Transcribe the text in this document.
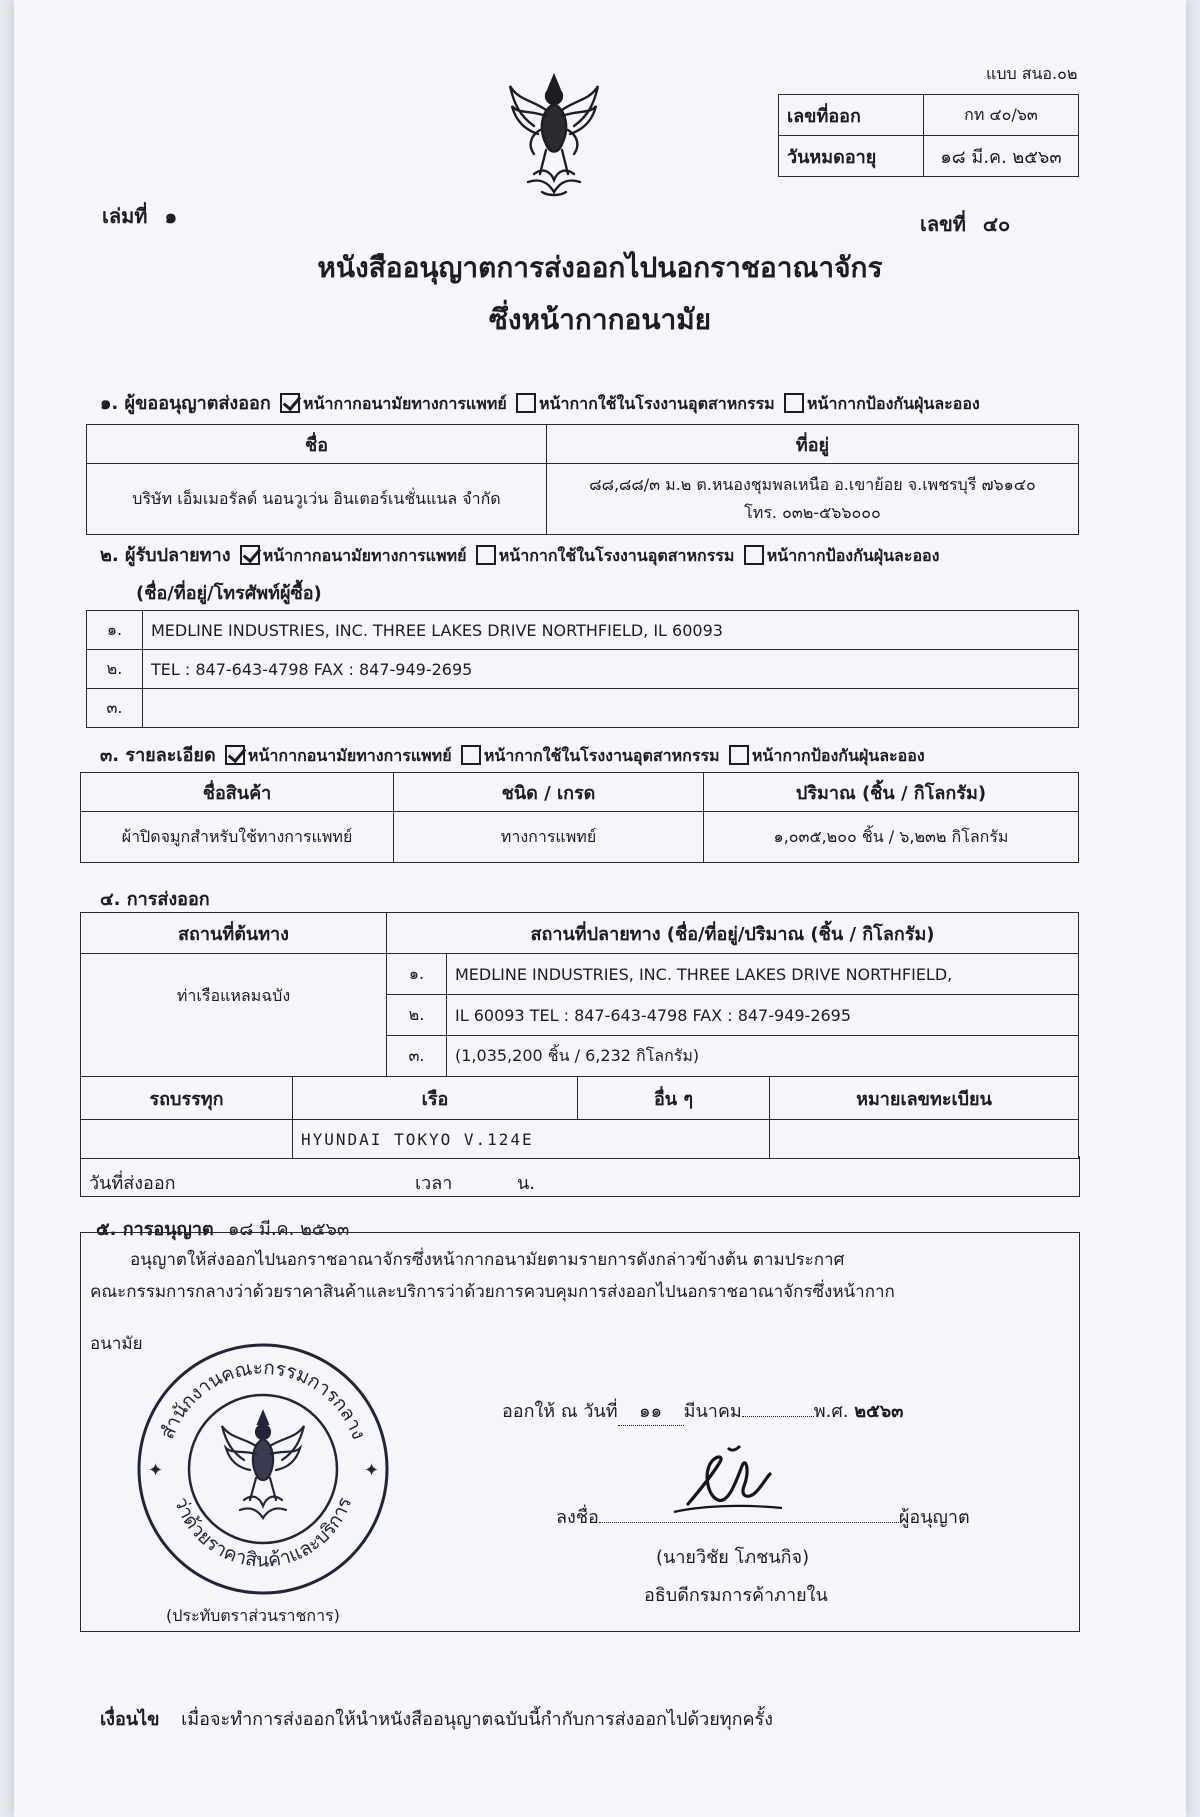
แบบ สนอ.๐๒
เลขที่ออก	กท ๔๐/๖๓
วันหมดอายุ	๑๘ มี.ค. ๒๕๖๓
เล่มที่ ๑	เลขที่ ๔๐
หนังสืออนุญาตการส่งออกไปนอกราชอาณาจักร
ซึ่งหน้ากากอนามัย
๑. ผู้ขออนุญาตส่งออก หน้ากากอนามัยทางการแพทย์ หน้ากากใช้ในโรงงานอุตสาหกรรม หน้ากากป้องกันฝุ่นละออง
ชื่อ	ที่อยู่
บริษัท เอ็มเมอรัลด์ นอนวูเว่น อินเตอร์เนชั่นแนล จำกัด	๘๘,๘๘/๓ ม.๒ ต.หนองชุมพลเหนือ อ.เขาย้อย จ.เพชรบุรี ๗๖๑๔๐
โทร. ๐๓๒-๕๖๖๐๐๐
๒. ผู้รับปลายทาง หน้ากากอนามัยทางการแพทย์ หน้ากากใช้ในโรงงานอุตสาหกรรม หน้ากากป้องกันฝุ่นละออง
(ชื่อ/ที่อยู่/โทรศัพท์ผู้ซื้อ)
๑.	MEDLINE INDUSTRIES, INC. THREE LAKES DRIVE NORTHFIELD, IL 60093
๒.	TEL : 847-643-4798 FAX : 847-949-2695
๓.	
๓. รายละเอียด หน้ากากอนามัยทางการแพทย์ หน้ากากใช้ในโรงงานอุตสาหกรรม หน้ากากป้องกันฝุ่นละออง
ชื่อสินค้า	ชนิด / เกรด	ปริมาณ (ชิ้น / กิโลกรัม)
ผ้าปิดจมูกสำหรับใช้ทางการแพทย์	ทางการแพทย์	๑,๐๓๕,๒๐๐ ชิ้น / ๖,๒๓๒ กิโลกรัม
๔. การส่งออก
สถานที่ต้นทาง	สถานที่ปลายทาง (ชื่อ/ที่อยู่/ปริมาณ (ชิ้น / กิโลกรัม)	
ท่าเรือแหลมฉบัง	๑.	MEDLINE INDUSTRIES, INC. THREE LAKES DRIVE NORTHFIELD,
	๒.	IL 60093 TEL : 847-643-4798 FAX : 847-949-2695
	๓.	(1,035,200 ชิ้น / 6,232 กิโลกรัม)
รถบรรทุก	เรือ	อื่น ๆ	หมายเลขทะเบียน
	HYUNDAI TOKYO V.124E		
วันที่ส่งออก	เวลา	น.
๕. การอนุญาต ๑๘ มี.ค. ๒๕๖๓
อนุญาตให้ส่งออกไปนอกราชอาณาจักรซึ่งหน้ากากอนามัยตามรายการดังกล่าวข้างต้น ตามประกาศ
คณะกรรมการกลางว่าด้วยราคาสินค้าและบริการว่าด้วยการควบคุมการส่งออกไปนอกราชอาณาจักรซึ่งหน้ากาก
อนามัย
สำนักงานคณะกรรมการกลาง
ว่าด้วยราคาสินค้าและบริการ
✦	✦
(ประทับตราส่วนราชการ)
ออกให้ ณ วันที่ ๑๑ มีนาคม	พ.ศ. ๒๕๖๓
ลงชื่อ	ผู้อนุญาต
(นายวิชัย โภชนกิจ)
อธิบดีกรมการค้าภายใน
เงื่อนไข เมื่อจะทำการส่งออกให้นำหนังสืออนุญาตฉบับนี้กำกับการส่งออกไปด้วยทุกครั้ง
